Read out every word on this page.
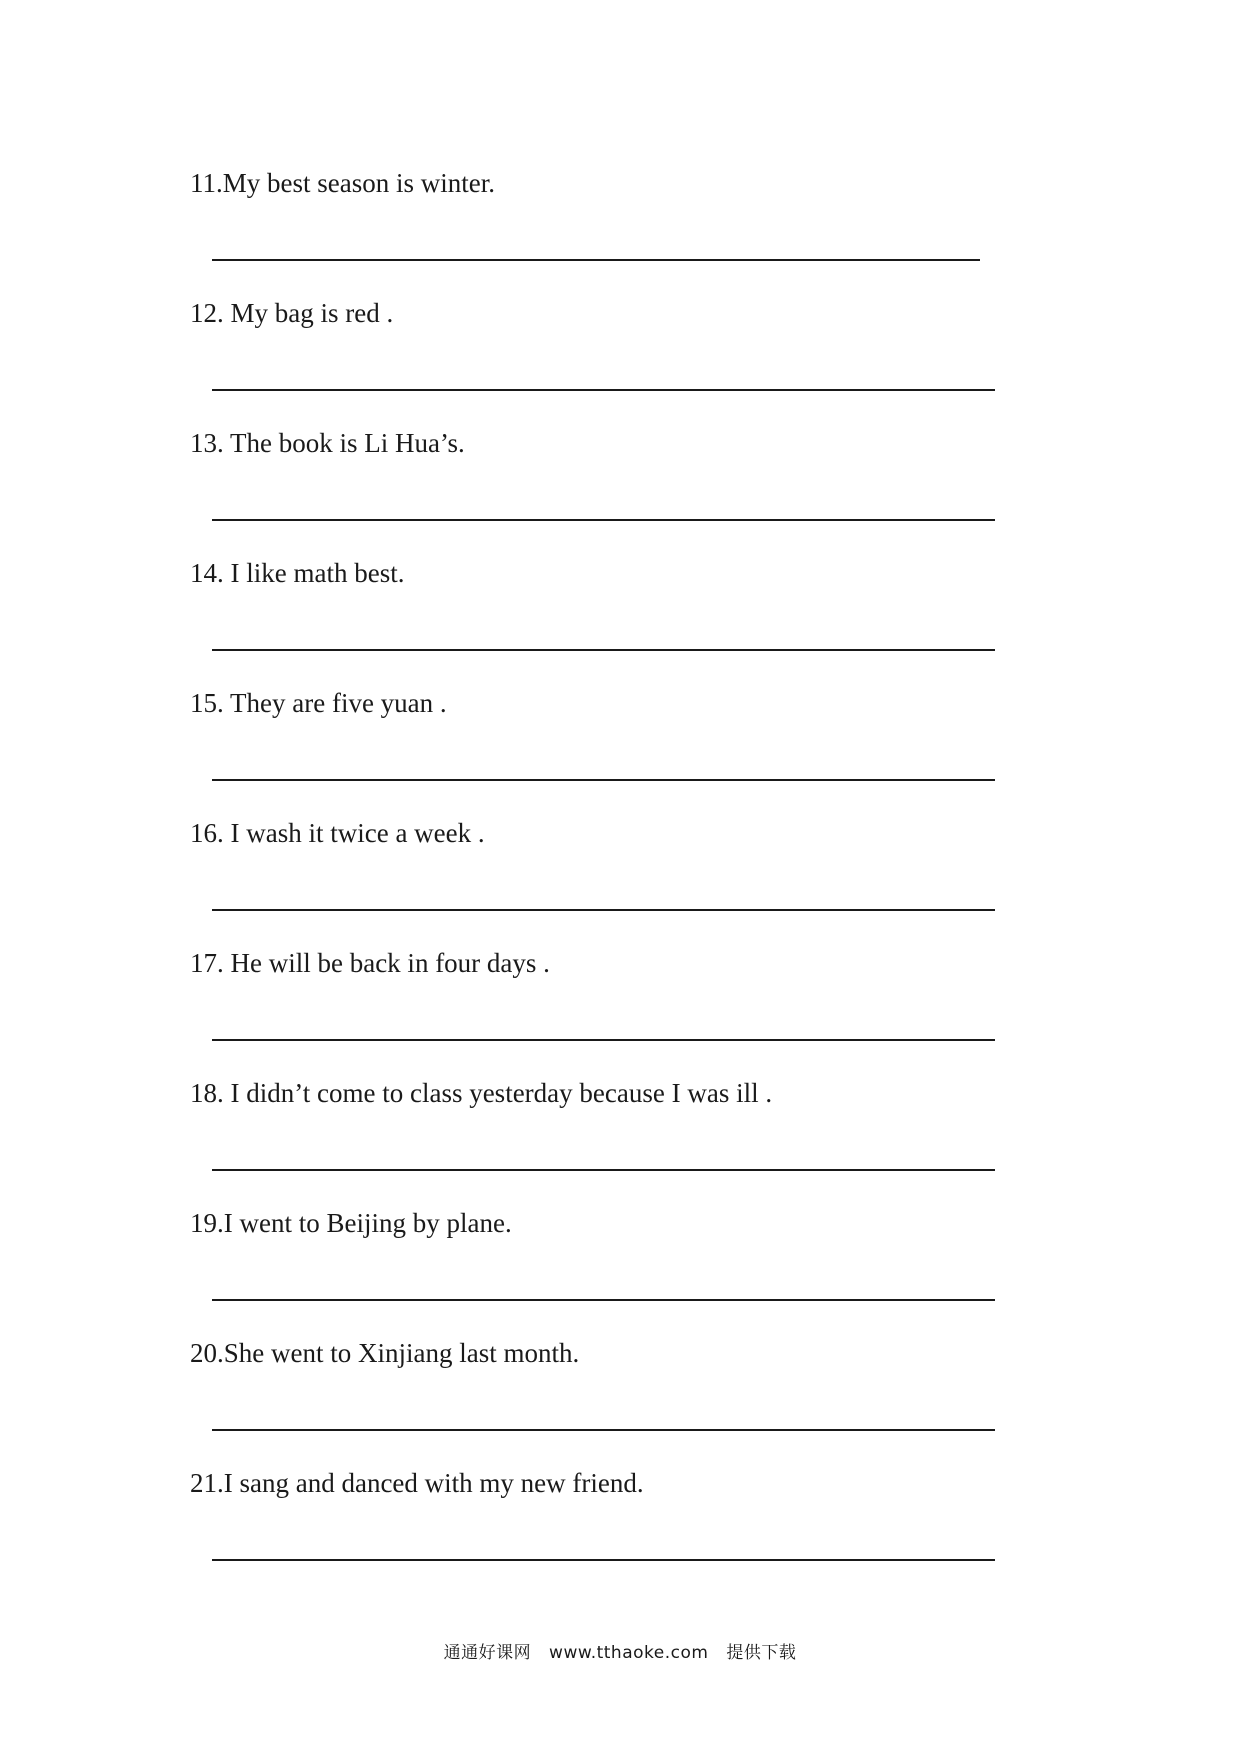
11.My best season is winter.
12. My bag is red .
13. The book is Li Hua’s.
14. I like math best.
15. They are five yuan .
16. I wash it twice a week .
17. He will be back in four days .
18. I didn’t come to class yesterday because I was ill .
19.I went to Beijing by plane.
20.She went to Xinjiang last month.
21.I sang and danced with my new friend.
通通好课网 www.tthaoke.com 提供下载
